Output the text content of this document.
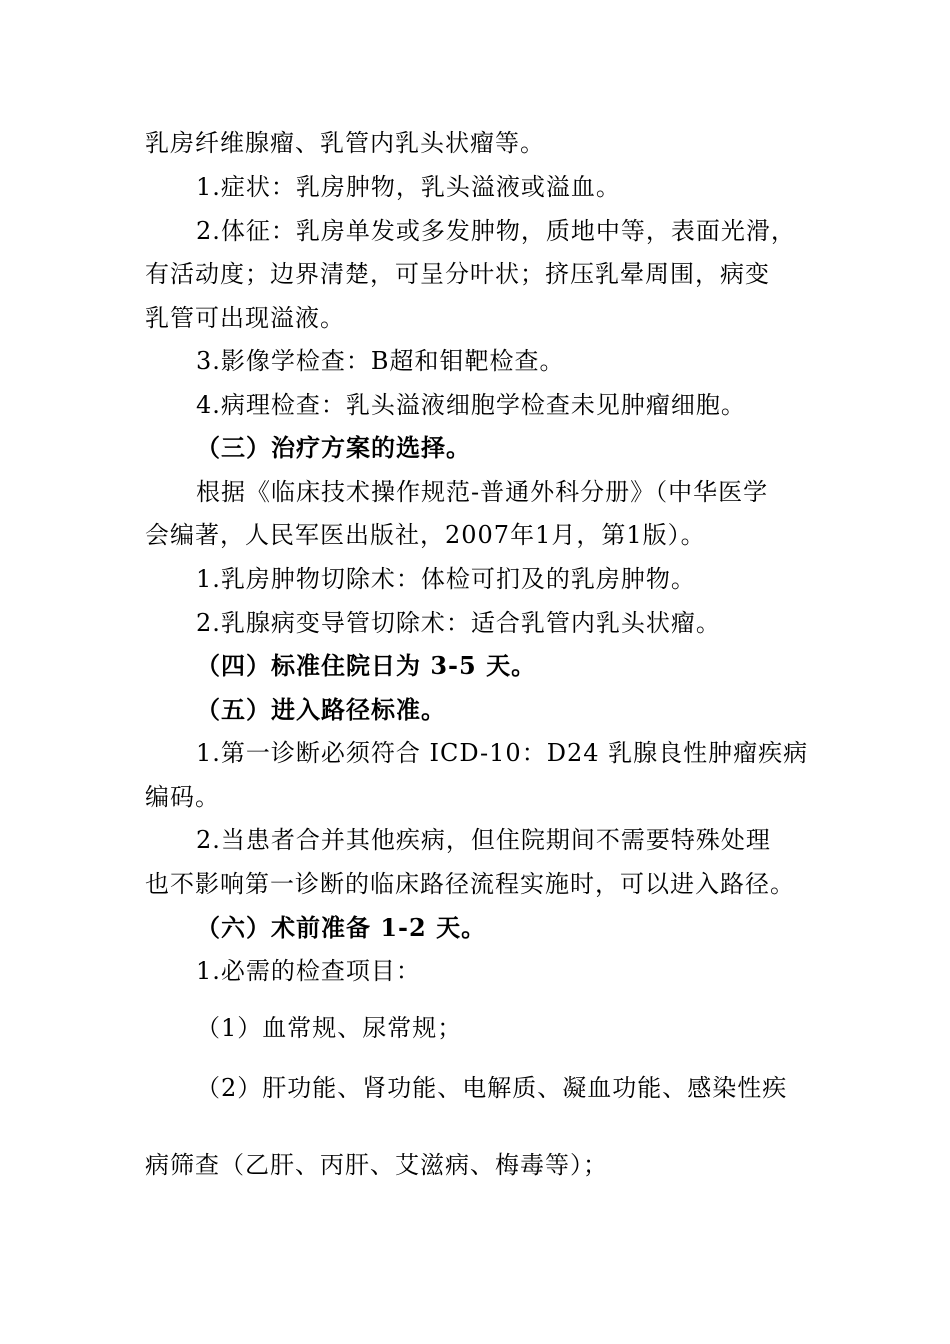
乳房纤维腺瘤、乳管内乳头状瘤等。
1.症状：乳房肿物，乳头溢液或溢血。
2.体征：乳房单发或多发肿物，质地中等，表面光滑，
有活动度；边界清楚，可呈分叶状；挤压乳晕周围，病变
乳管可出现溢液。
3.影像学检查：B超和钼靶检查。
4.病理检查：乳头溢液细胞学检查未见肿瘤细胞。
（三）治疗方案的选择。
根据《临床技术操作规范-普通外科分册》（中华医学
会编著，人民军医出版社，2007年1月，第1版）。
1.乳房肿物切除术：体检可扪及的乳房肿物。
2.乳腺病变导管切除术：适合乳管内乳头状瘤。
（四）标准住院日为 3-5 天。
（五）进入路径标准。
1.第一诊断必须符合 ICD-10：D24 乳腺良性肿瘤疾病
编码。
2.当患者合并其他疾病，但住院期间不需要特殊处理
也不影响第一诊断的临床路径流程实施时，可以进入路径。
（六）术前准备 1-2 天。
1.必需的检查项目：
（1）血常规、尿常规；
（2）肝功能、肾功能、电解质、凝血功能、感染性疾
病筛查（乙肝、丙肝、艾滋病、梅毒等）；
